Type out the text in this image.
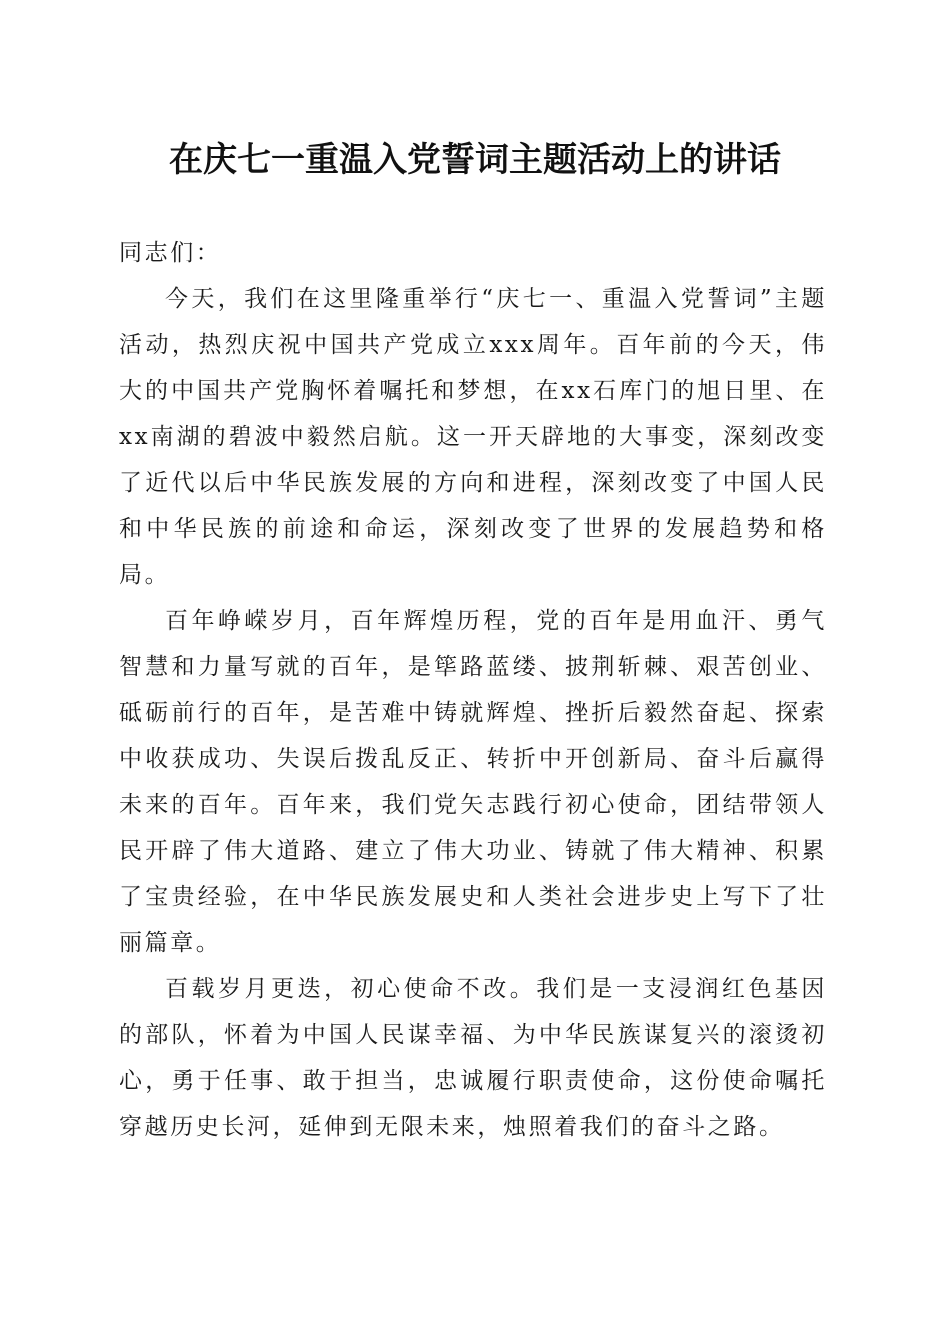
在庆七一重温入党誓词主题活动上的讲话

同志们：

今天，我们在这里隆重举行“庆七一、重温入党誓词”主题活动，热烈庆祝中国共产党成立xxx周年。百年前的今天，伟大的中国共产党胸怀着嘱托和梦想，在xx石库门的旭日里、在xx南湖的碧波中毅然启航。这一开天辟地的大事变，深刻改变了近代以后中华民族发展的方向和进程，深刻改变了中国人民和中华民族的前途和命运，深刻改变了世界的发展趋势和格局。

百年峥嵘岁月，百年辉煌历程，党的百年是用血汗、勇气智慧和力量写就的百年，是筚路蓝缕、披荆斩棘、艰苦创业、砥砺前行的百年，是苦难中铸就辉煌、挫折后毅然奋起、探索中收获成功、失误后拨乱反正、转折中开创新局、奋斗后赢得未来的百年。百年来，我们党矢志践行初心使命，团结带领人民开辟了伟大道路、建立了伟大功业、铸就了伟大精神、积累了宝贵经验，在中华民族发展史和人类社会进步史上写下了壮丽篇章。

百载岁月更迭，初心使命不改。我们是一支浸润红色基因的部队，怀着为中国人民谋幸福、为中华民族谋复兴的滚烫初心，勇于任事、敢于担当，忠诚履行职责使命，这份使命嘱托穿越历史长河，延伸到无限未来，烛照着我们的奋斗之路。
